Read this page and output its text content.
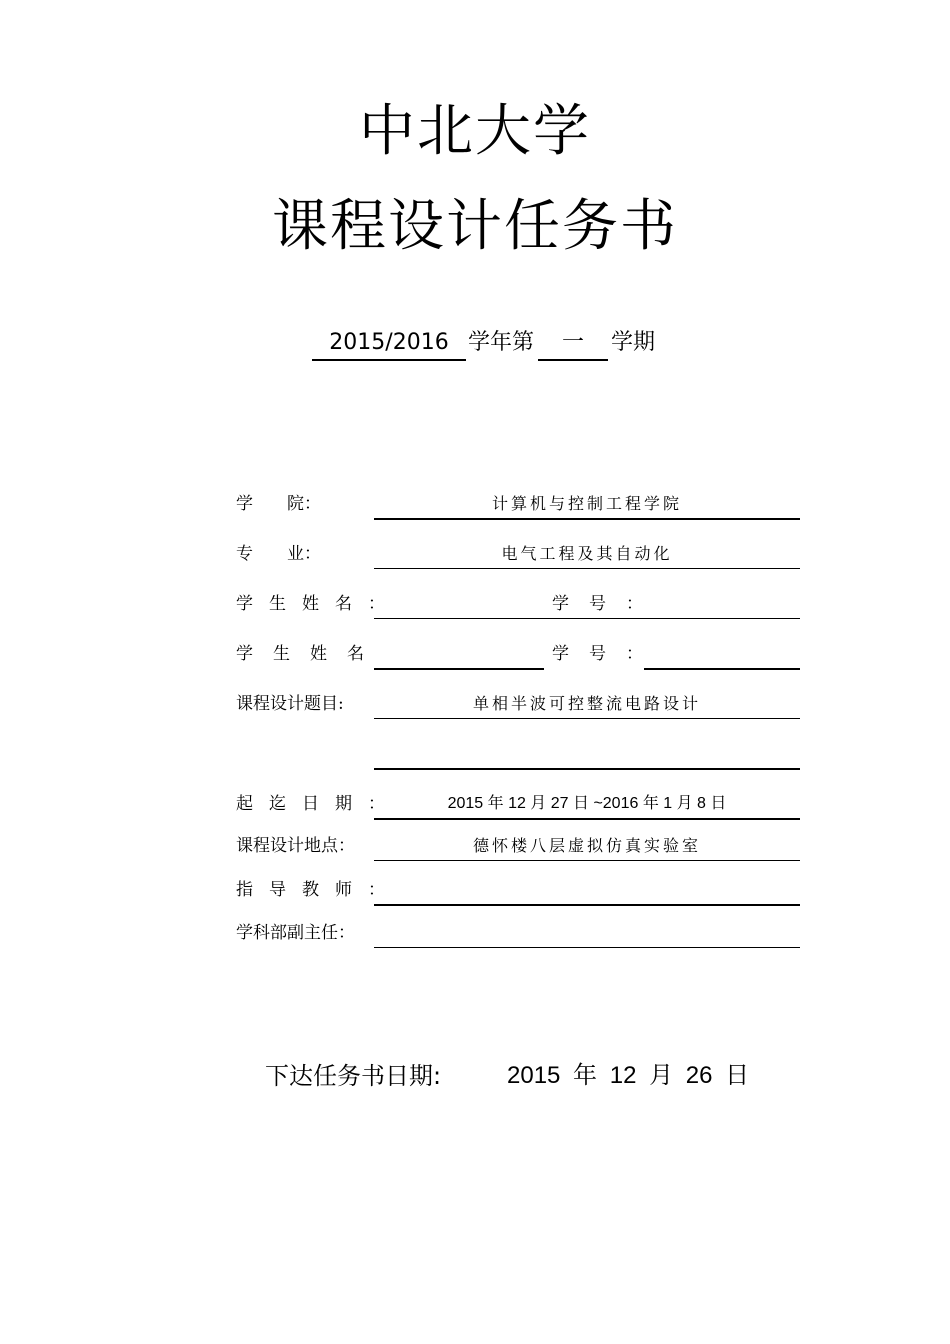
中北大学
课程设计任务书
2015/2016 学年第	一	学期
学　　院：	计算机与控制工程学院
专　　业：	电气工程及其自动化
学生姓名：	学号：
学生姓名	学号：
课程设计题目:	单相半波可控整流电路设计
起迄日期：	2015 年 12 月 27 日 ~2016 年 1 月 8 日
课程设计地点：	德怀楼八层虚拟仿真实验室
指导教师：
学科部副主任：
下达任务书日期:	2015 年 12 月 26 日
